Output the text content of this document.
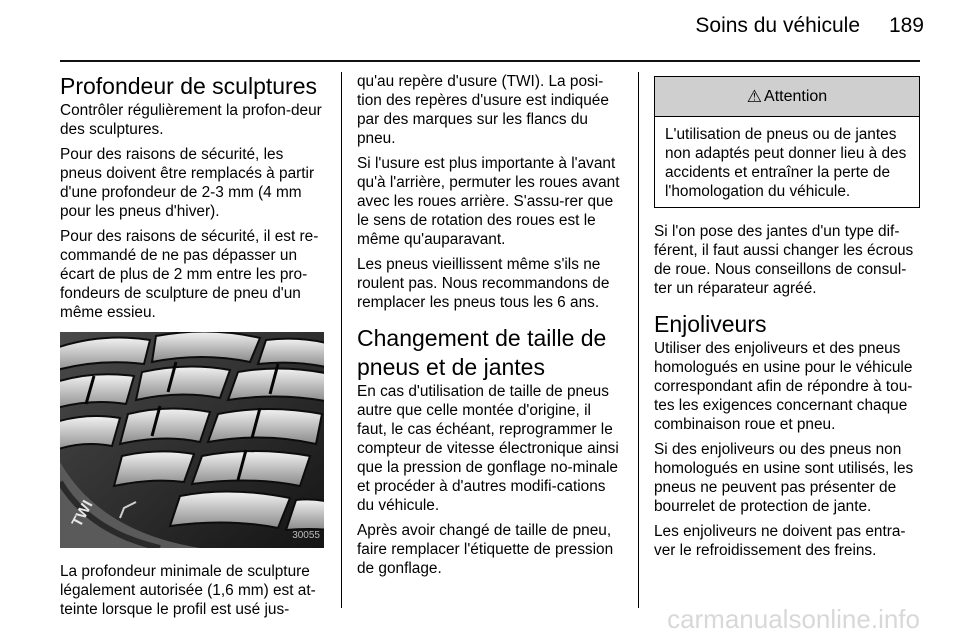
Soins du véhicule	189
Profondeur de sculptures

Contrôler régulièrement la profon-deur des sculptures.

Pour des raisons de sécurité, les pneus doivent être remplacés à partir d'une profondeur de 2-3 mm (4 mm pour les pneus d'hiver).

Pour des raisons de sécurité, il est re-commandé de ne pas dépasser un écart de plus de 2 mm entre les pro-fondeurs de sculpture de pneu d'un même essieu.

TWI
30055

La profondeur minimale de sculpture légalement autorisée (1,6 mm) est at-teinte lorsque le profil est usé jus-

qu'au repère d'usure (TWI). La posi-tion des repères d'usure est indiquée par des marques sur les flancs du pneu.

Si l'usure est plus importante à l'avant qu'à l'arrière, permuter les roues avant avec les roues arrière. S'assu-rer que le sens de rotation des roues est le même qu'auparavant.

Les pneus vieillissent même s'ils ne roulent pas. Nous recommandons de remplacer les pneus tous les 6 ans.

Changement de taille de pneus et de jantes

En cas d'utilisation de taille de pneus autre que celle montée d'origine, il faut, le cas échéant, reprogrammer le compteur de vitesse électronique ainsi que la pression de gonflage no-minale et procéder à d'autres modifi-cations du véhicule.

Après avoir changé de taille de pneu, faire remplacer l'étiquette de pression de gonflage.

⚠ Attention
L'utilisation de pneus ou de jantes non adaptés peut donner lieu à des accidents et entraîner la perte de l'homologation du véhicule.

Si l'on pose des jantes d'un type dif-férent, il faut aussi changer les écrous de roue. Nous conseillons de consul-ter un réparateur agréé.

Enjoliveurs

Utiliser des enjoliveurs et des pneus homologués en usine pour le véhicule correspondant afin de répondre à tou-tes les exigences concernant chaque combinaison roue et pneu.

Si des enjoliveurs ou des pneus non homologués en usine sont utilisés, les pneus ne peuvent pas présenter de bourrelet de protection de jante.

Les enjoliveurs ne doivent pas entra-ver le refroidissement des freins.

carmanualsonline.info
